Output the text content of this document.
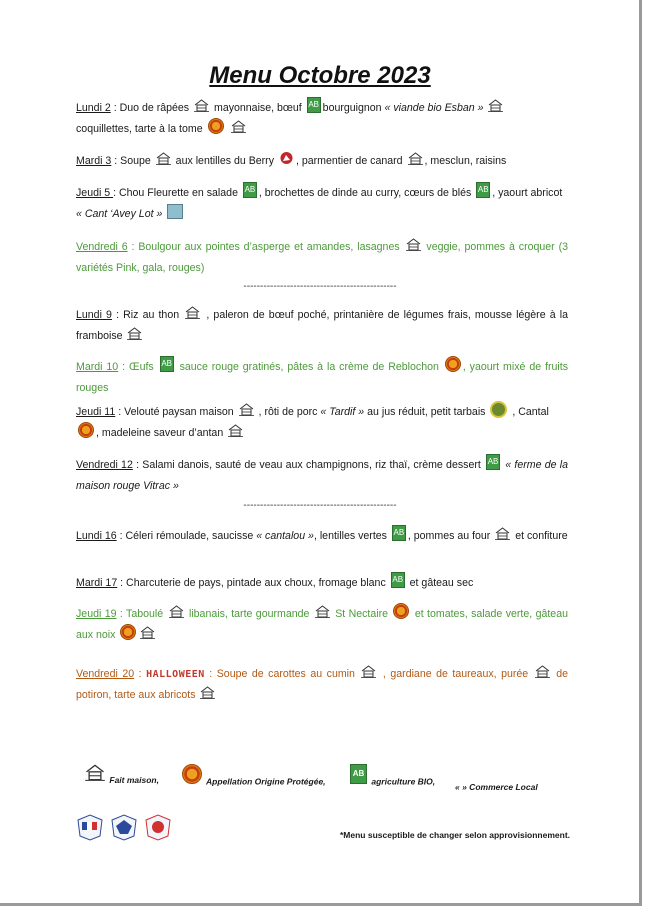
Menu Octobre 2023
Lundi 2 : Duo de râpées  mayonnaise, bœuf AB bourguignon « viande bio Esban »
coquillettes, tarte à la tome
Mardi 3 : Soupe  aux lentilles du Berry , parmentier de canard , mesclun, raisins
Jeudi 5 : Chou Fleurette en salade AB , brochettes de dinde au curry, cœurs de blés AB , yaourt abricot
« Cant ‘Avey Lot »
Vendredi 6 : Boulgour aux pointes d’asperge et amandes, lasagnes  veggie, pommes à croquer (3 variétés Pink, gala, rouges)
----------------------------------------------
Lundi 9 : Riz au thon  , paleron de bœuf poché, printanière de légumes frais, mousse légère à la framboise
Mardi 10 : Œufs AB sauce rouge gratinés, pâtes à la crème de Reblochon , yaourt mixé de fruits rouges
Jeudi 11 : Velouté paysan maison  , rôti de porc « Tardif » au jus réduit, petit tarbais  , Cantal
, madeleine saveur d’antan
Vendredi 12 : Salami danois, sauté de veau aux champignons, riz thaï, crème dessert AB « ferme de la maison rouge Vitrac »
----------------------------------------------
Lundi 16 : Céleri rémoulade, saucisse « cantalou », lentilles vertes AB , pommes au four  et confiture
Mardi 17 : Charcuterie de pays, pintade aux choux, fromage blanc AB et gâteau sec
Jeudi 19 : Taboulé  libanais, tarte gourmande  St Nectaire  et tomates, salade verte, gâteau aux noix
Vendredi 20 : HALLOWEEN : Soupe de carottes au cumin  , gardiane de taureaux, purée  de potiron, tarte aux abricots
Fait maison,	Appellation Origine Protégée,
AB agriculture BIO,
« » Commerce Local
*Menu susceptible de changer selon approvisionnement.
